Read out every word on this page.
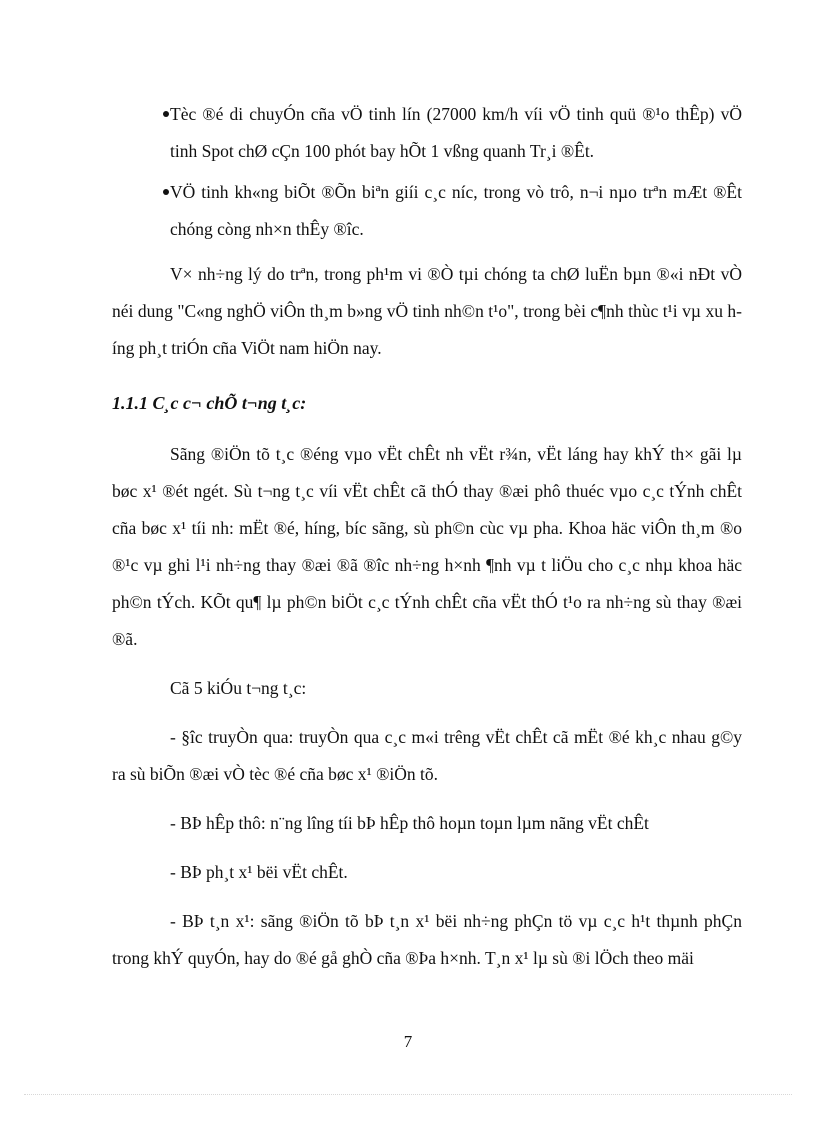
Tèc ®é di chuyÓn cña vÖ tinh lín (27000 km/h víi vÖ tinh quü ®¹o thÊp) vÖ tinh Spot chØ cÇn 100 phót bay hÕt 1 vßng quanh Tr¸i ®Êt.
VÖ tinh kh«ng biÕt ®Õn biªn giíi c¸c níc, trong vò trô, n¬i nµo trªn mÆt ®Êt chóng còng nh×n thÊy ®îc.

V× nh÷ng lý do trªn, trong ph¹m vi ®Ò tµi chóng ta chØ luËn bµn ®«i nÐt vÒ néi dung "C«ng nghÖ viÔn th¸m b»ng vÖ tinh nh©n t¹o", trong bèi c¶nh thùc t¹i vµ xu híng ph¸t triÓn cña ViÖt nam hiÖn nay.

1.1.1 C¸c c¬ chÕ t¬ng t¸c:

Sãng ®iÖn tõ t¸c ®éng vµo vËt chÊt nh vËt r¾n, vËt láng hay khÝ th× gãi lµ bøc x¹ ®ét ngét. Sù t¬ng t¸c víi vËt chÊt cã thÓ thay ®æi phô thuéc vµo c¸c tÝnh chÊt cña bøc x¹ tíi nh: mËt ®é, híng, bíc sãng, sù ph©n cùc vµ pha. Khoa häc viÔn th¸m ®o ®¹c vµ ghi l¹i nh÷ng thay ®æi ®ã ®îc nh÷ng h×nh ¶nh vµ t liÖu cho c¸c nhµ khoa häc ph©n tÝch. KÕt qu¶ lµ ph©n biÖt c¸c tÝnh chÊt cña vËt thÓ t¹o ra nh÷ng sù thay ®æi ®ã.

Cã 5 kiÓu t¬ng t¸c:

- §îc truyÒn qua: truyÒn qua c¸c m«i trêng vËt chÊt cã mËt ®é kh¸c nhau g©y ra sù biÕn ®æi vÒ tèc ®é cña bøc x¹ ®iÖn tõ.

- BÞ hÊp thô: n¨ng lîng tíi bÞ hÊp thô hoµn toµn lµm nãng vËt chÊt

- BÞ ph¸t x¹ bëi vËt chÊt.

- BÞ t¸n x¹: sãng ®iÖn tõ bÞ t¸n x¹ bëi nh÷ng phÇn tö vµ c¸c h¹t thµnh phÇn trong khÝ quyÓn, hay do ®é gå ghÒ cña ®Þa h×nh. T¸n x¹ lµ sù ®i lÖch theo mäi

7
